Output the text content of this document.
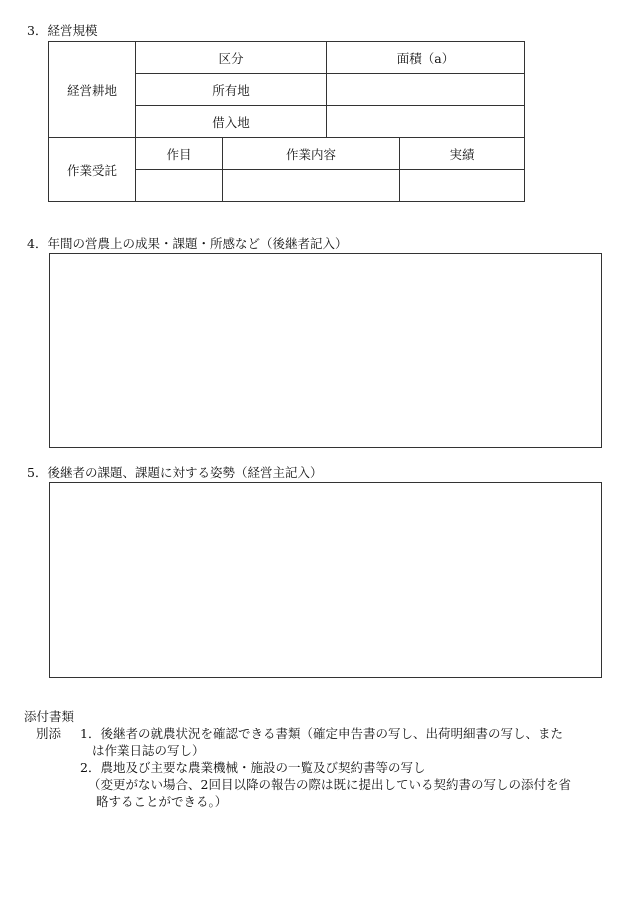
3．経営規模
経営耕地	区分		面積（a）	
	所有地			
	借入地			
作業受託	作目	作業内容		実績

4．年間の営農上の成果・課題・所感など（後継者記入）
5．後継者の課題、課題に対する姿勢（経営主記入）
添付書類
別添 1．後継者の就農状況を確認できる書類（確定申告書の写し、出荷明細書の写し、また
は作業日誌の写し）
2．農地及び主要な農業機械・施設の一覧及び契約書等の写し
（変更がない場合、2回目以降の報告の際は既に提出している契約書の写しの添付を省
略することができる。）
